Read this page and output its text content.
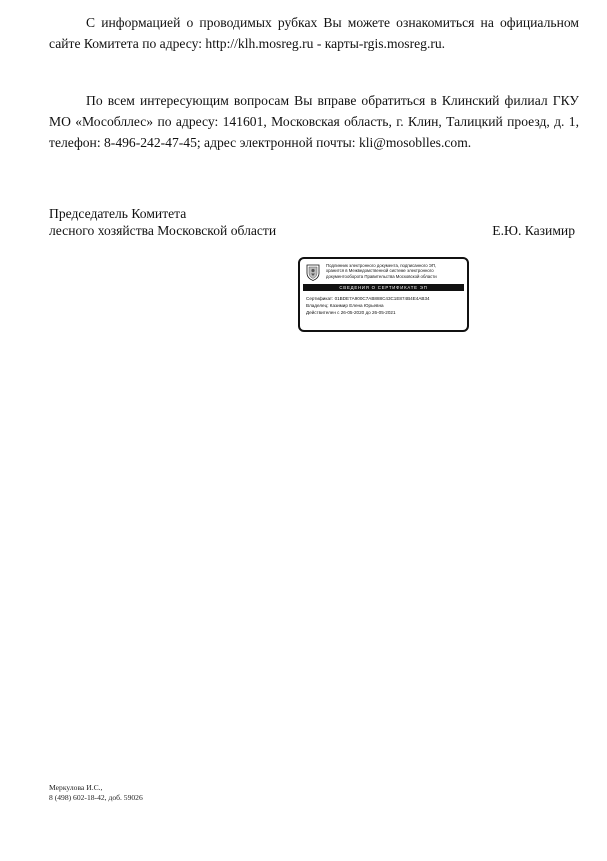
С информацией о проводимых рубках Вы можете ознакомиться на официальном сайте Комитета по адресу: http://klh.mosreg.ru - карты-rgis.mosreg.ru.

По всем интересующим вопросам Вы вправе обратиться в Клинский филиал ГКУ МО «Мособллес» по адресу: 141601, Московская область, г. Клин, Талицкий проезд, д. 1, телефон: 8-496-242-47-45; адрес электронной почты: kli@mosoblles.com.

Председатель Комитета
лесного хозяйства Московской области	Е.Ю. Казимир
Подлинник электронного документа, подписанного ЭП,
хранится в Межведомственной системе электронного
документооборота Правительства Московской области
СВЕДЕНИЯ О СЕРТИФИКАТЕ ЭП
Сертификат: 01BDE7A900C7AB888C43C1E874B4E4AB34
Владелец: Казимир Елена Юрьевна
Действителен с 26-05-2020 до 26-05-2021
Меркулова И.С.,
8 (498) 602-18-42, доб. 59026
